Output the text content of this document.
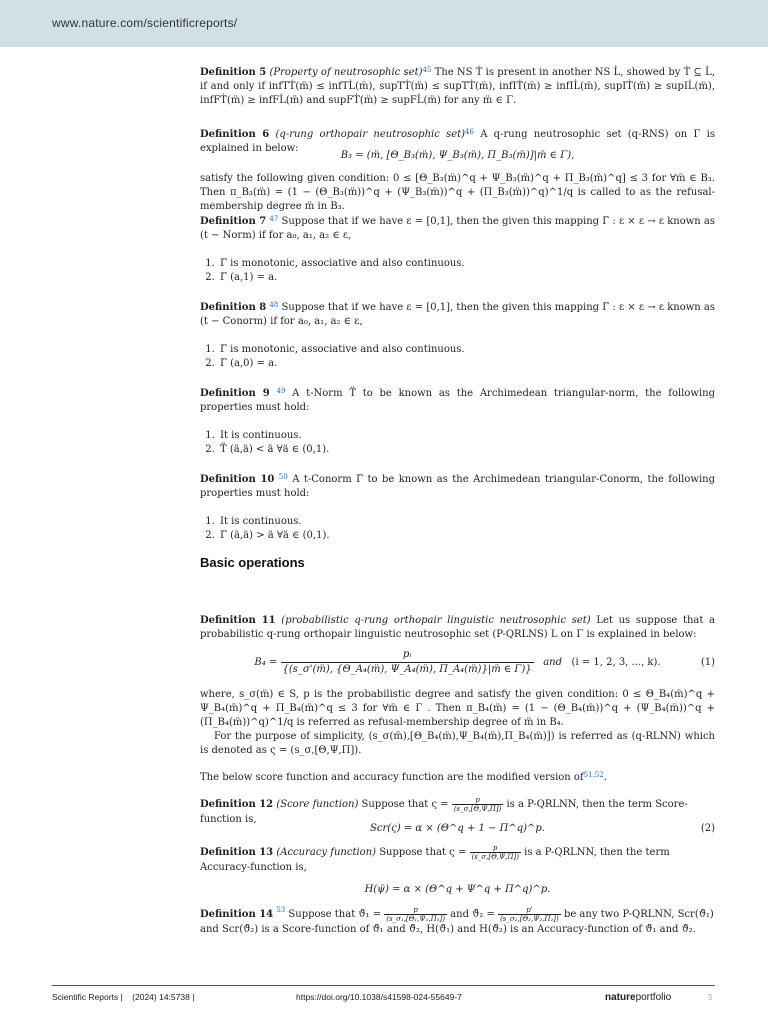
www.nature.com/scientificreports/

Definition 5 (Property of neutrosophic set)$^{45}$ The NS Ṫ is present in another NS L̇, showed by Ṫ ⊆ L̇, if and only if infTṪ(m̈) ≤ infTL̇(m̈), supTṪ(m̈) ≤ supTṪ(m̈), infIṪ(m̈) ≥ infIL̇(m̈), supIṪ(m̈) ≥ supIL̇(m̈), infFṪ(m̈) ≥ infFL̇(m̈) and supFṪ(m̈) ≥ supFL̇(m̈) for any m̈ ∈ Γ.

Definition 6 (q-rung orthopair neutrosophic set)$^{46}$ A q-rung neutrosophic set (q-RNS) on Γ is explained in below:

B₃ = (m̈, [Θ_B₃(m̈), Ψ_B₃(m̈), Π_B₃(m̈)]|m̈ ∈ Γ),

satisfy the following given condition: 0 ≤ [Θ_B₃(m̈)^q + Ψ_B₃(m̈)^q + Π_B₃(m̈)^q] ≤ 3 for ∀m̈ ∈ B₃. Then π_B₃(m̈) = (1 − (Θ_B₃(m̈))^q + (Ψ_B₃(m̈))^q + (Π_B₃(m̈))^q)^1/q is called to as the refusal-membership degree m̈ in B₃.

Definition 7 $^{47}$ Suppose that if we have ε = [0,1], then the given this mapping Γ̈ : ε × ε → ε known as (t − Norm) if for a₀, a₁, a₂ ∈ ε,

1. Γ̈ is monotonic, associative and also continuous.
2. Γ̈ (a,1) = a.

Definition 8 $^{48}$ Suppose that if we have ε = [0,1], then the given this mapping Γ̈ : ε × ε → ε known as (t − Conorm) if for a₀, a₁, a₂ ∈ ε,

1. Γ̈ is monotonic, associative and also continuous.
2. Γ̈ (a,0) = a.

Definition 9 $^{49}$ A t-Norm T̈ to be known as the Archimedean triangular-norm, the following properties must hold:

1. It is continuous.
2. T̈ (ä,ä) < ä ∀ä ∈ (0,1).

Definition 10 $^{50}$ A t-Conorm Γ̈ to be known as the Archimedean triangular-Conorm, the following properties must hold:

1. It is continuous.
2. Γ̈ (ä,ä) > ä ∀ä ∈ (0,1).
Basic operations

Definition 11 (probabilistic q-rung orthopair linguistic neutrosophic set) Let us suppose that a probabilistic q-rung orthopair linguistic neutrosophic set (P-QRLNS) L on Γ is explained in below:

$B_4 = \frac{\text{pᵢ}}{\text{\{(s\_σ'(m̈), \{Θ\_A₄(m̈), Ψ\_A₄(m̈), Π\_A₄(m̈)\}|m̈ ∈ Γ)\}}}$ and (i = 1, 2, 3, ..., k).	(1)

where, s_σ(m̈) ∈ S, p is the probabilistic degree and satisfy the given condition: 0 ≤ Θ_B₄(m̈)^q + Ψ_B₄(m̈)^q + Π_B₄(m̈)^q ≤ 3 for ∀m̈ ∈ Γ . Then π_B₄(m̈) = (1 − (Θ_B₄(m̈))^q + (Ψ_B₄(m̈))^q + (Π_B₄(m̈))^q)^1/q is referred as refusal-membership degree of m̈ in B₄.

For the purpose of simplicity, (s_σ(m̈),[Θ_B₄(m̈),Ψ_B₄(m̈),Π_B₄(m̈)]) is referred as (q-RLNN) which is denoted as ς = (s_σ,[Θ,Ψ,Π]).

The below score function and accuracy function are the modified version of$^{51,52}$.

Definition 12 (Score function) Suppose that $\varsigma = \frac{p}{(s\_\sigma,[\Theta,\Psi,\Pi])}$ is a P-QRLNN, then the term Score-function is,

Scr(ς) = α × (Θ^q + 1 − Π^q)^p.	(2)

Definition 13 (Accuracy function) Suppose that $\varsigma = \frac{p}{(s\_\sigma,[\Theta,\Psi,\Pi])}$ is a P-QRLNN, then the term Accuracy-function is,

H(ψ̈) = α × (Θ^q + Ψ^q + Π^q)^p.

Definition 14 $^{53}$ Suppose that ϑ̈₁ = $\frac{p}{\text{(s\_σ₁,[Θ₁,Ψ₁,Π₁])}}$ and ϑ̈₂ = $\frac{p'}{\text{(s\_σ₂,[Θ₂,Ψ₂,Π₂])}}$ be any two P-QRLNN, Scr(ϑ̈₁) and Scr(ϑ̈₂) is a Score-function of ϑ̈₁ and ϑ̈₂, H(ϑ̈₁) and H(ϑ̈₂) is an Accuracy-function of ϑ̈₁ and ϑ̈₂.

Scientific Reports | (2024) 14:5738 |	https://doi.org/10.1038/s41598-024-55649-7	natureportfolio	5
